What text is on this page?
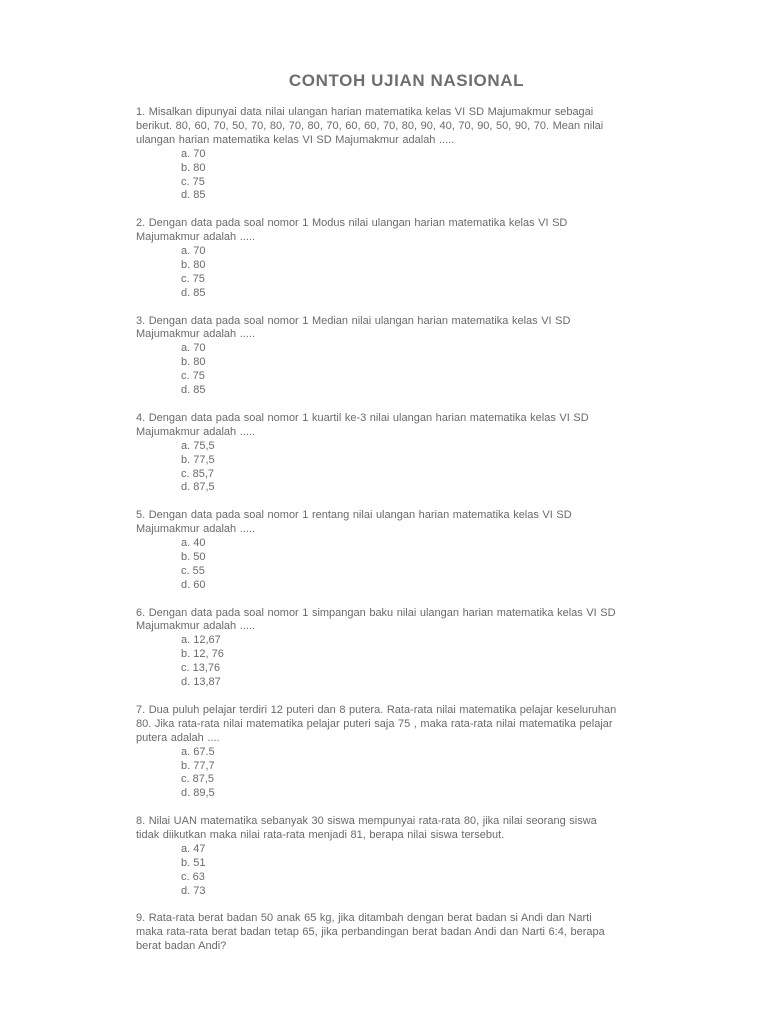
CONTOH UJIAN NASIONAL
1. Misalkan dipunyai data nilai ulangan harian matematika kelas VI SD Majumakmur sebagai
berikut. 80, 60, 70, 50, 70, 80, 70, 80, 70, 60, 60, 70, 80, 90, 40, 70, 90, 50, 90, 70. Mean nilai
ulangan harian matematika kelas VI SD Majumakmur adalah .....
a. 70
b. 80
c. 75
d. 85
2. Dengan data pada soal nomor 1 Modus nilai ulangan harian matematika kelas VI SD
Majumakmur adalah .....
a. 70
b. 80
c. 75
d. 85
3. Dengan data pada soal nomor 1 Median nilai ulangan harian matematika kelas VI SD
Majumakmur adalah .....
a. 70
b. 80
c. 75
d. 85
4. Dengan data pada soal nomor 1 kuartil ke-3 nilai ulangan harian matematika kelas VI SD
Majumakmur adalah .....
a. 75,5
b. 77,5
c. 85,7
d. 87,5
5. Dengan data pada soal nomor 1 rentang nilai ulangan harian matematika kelas VI SD
Majumakmur adalah .....
a. 40
b. 50
c. 55
d. 60
6. Dengan data pada soal nomor 1 simpangan baku nilai ulangan harian matematika kelas VI SD
Majumakmur adalah .....
a. 12,67
b. 12, 76
c. 13,76
d. 13,87
7. Dua puluh pelajar terdiri 12 puteri dan 8 putera. Rata-rata nilai matematika pelajar keseluruhan
80. Jika rata-rata nilai matematika pelajar puteri saja 75 , maka rata-rata nilai matematika pelajar
putera adalah ....
a. 67.5
b. 77,7
c. 87,5
d. 89,5
8. Nilai UAN matematika sebanyak 30 siswa mempunyai rata-rata 80, jika nilai seorang siswa
tidak diikutkan maka nilai rata-rata menjadi 81, berapa nilai siswa tersebut.
a. 47
b. 51
c. 63
d. 73
9. Rata-rata berat badan 50 anak 65 kg, jika ditambah dengan berat badan si Andi dan Narti
maka rata-rata berat badan tetap 65, jika perbandingan berat badan Andi dan Narti 6:4, berapa
berat badan Andi?
